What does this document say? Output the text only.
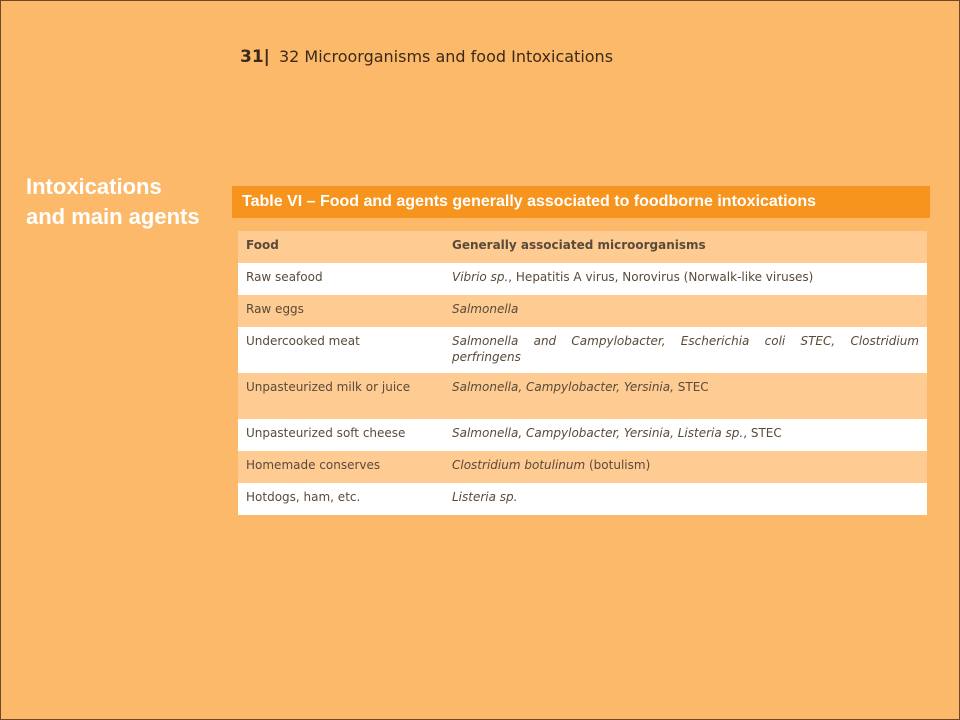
31| 32 Microorganisms and food Intoxications
Intoxications
and main agents
Table VI – Food and agents generally associated to foodborne intoxications
Food	Generally associated microorganisms
Raw seafood	Vibrio sp., Hepatitis A virus, Norovirus (Norwalk-like viruses)
Raw eggs	Salmonella
Undercooked meat	Salmonella and Campylobacter, Escherichia coli STEC, Clostridium perfringens
Unpasteurized milk or juice	Salmonella, Campylobacter, Yersinia, STEC
Unpasteurized soft cheese	Salmonella, Campylobacter, Yersinia, Listeria sp., STEC
Homemade conserves	Clostridium botulinum (botulism)
Hotdogs, ham, etc.	Listeria sp.
